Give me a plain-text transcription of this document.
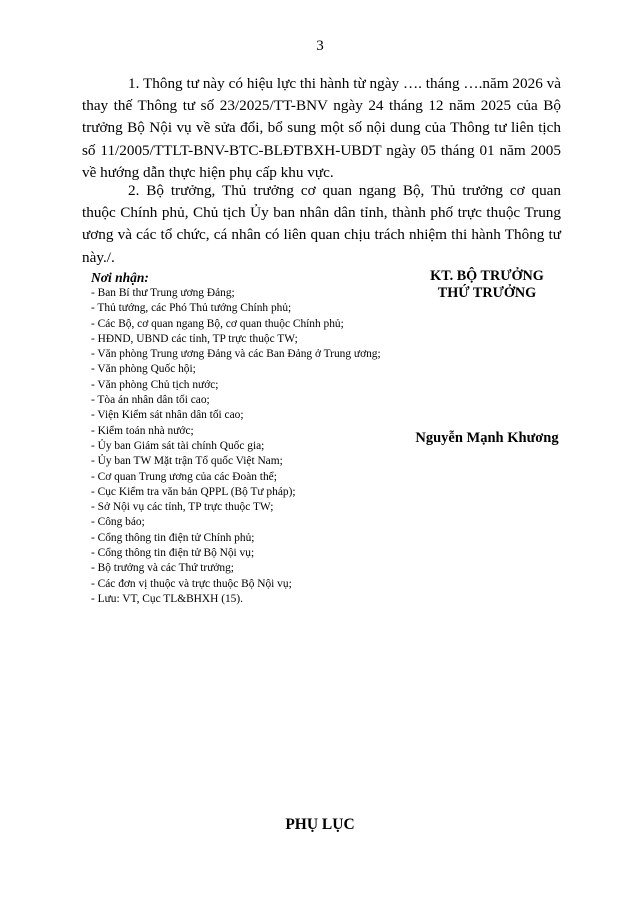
3

1. Thông tư này có hiệu lực thi hành từ ngày …. tháng ….năm 2026 và thay thế Thông tư số 23/2025/TT-BNV ngày 24 tháng 12 năm 2025 của Bộ trưởng Bộ Nội vụ về sửa đổi, bổ sung một số nội dung của Thông tư liên tịch số 11/2005/TTLT-BNV-BTC-BLĐTBXH-UBDT ngày 05 tháng 01 năm 2005 về hướng dẫn thực hiện phụ cấp khu vực.

2. Bộ trưởng, Thủ trưởng cơ quan ngang Bộ, Thủ trưởng cơ quan thuộc Chính phủ, Chủ tịch Ủy ban nhân dân tỉnh, thành phố trực thuộc Trung ương và các tổ chức, cá nhân có liên quan chịu trách nhiệm thi hành Thông tư này./.

Nơi nhận:
- Ban Bí thư Trung ương Đảng;
- Thủ tướng, các Phó Thủ tướng Chính phủ;
- Các Bộ, cơ quan ngang Bộ, cơ quan thuộc Chính phủ;
- HĐND, UBND các tỉnh, TP trực thuộc TW;
- Văn phòng Trung ương Đảng và các Ban Đảng ở Trung ương;
- Văn phòng Quốc hội;
- Văn phòng Chủ tịch nước;
- Tòa án nhân dân tối cao;
- Viện Kiểm sát nhân dân tối cao;
- Kiểm toán nhà nước;
- Ủy ban Giám sát tài chính Quốc gia;
- Ủy ban TW Mặt trận Tổ quốc Việt Nam;
- Cơ quan Trung ương của các Đoàn thể;
- Cục Kiểm tra văn bản QPPL (Bộ Tư pháp);
- Sở Nội vụ các tỉnh, TP trực thuộc TW;
- Công báo;
- Cổng thông tin điện tử Chính phủ;
- Cổng thông tin điện tử Bộ Nội vụ;
- Bộ trưởng và các Thứ trưởng;
- Các đơn vị thuộc và trực thuộc Bộ Nội vụ;
- Lưu: VT, Cục TL&BHXH (15).
KT. BỘ TRƯỞNG
THỨ TRƯỞNG
Nguyễn Mạnh Khương
PHỤ LỤC
